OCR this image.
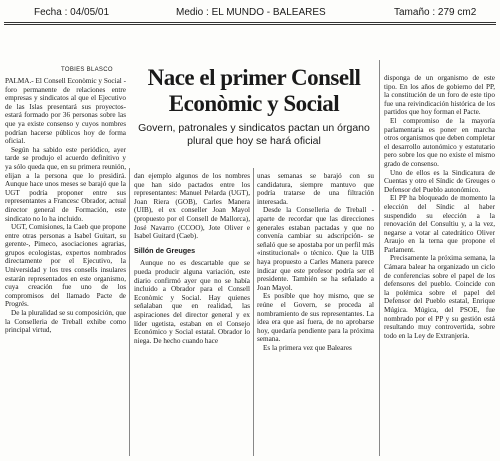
Fecha : 04/05/01	Medio : EL MUNDO - BALEARES	Tamaño : 279 cm2
TOBIES BLASCO	Nace el primer Consell
Econòmic y Social
Govern, patronales y sindicatos pactan un órgano plural que hoy se hará oficial

PALMA.- El Consell Econòmic y Social -foro permanente de relaciones entre empresas y sindicatos al que el Ejecutivo de las Islas presentará sus proyectos- estará formado por 36 personas sobre las que ya existe consenso y cuyos nombres podrían hacerse públicos hoy de forma oficial.

Según ha sabido este periódico, ayer tarde se produjo el acuerdo definitivo y ya sólo queda que, en su primera reunión, elijan a la persona que lo presidirá. Aunque hace unos meses se barajó que la UGT podría proponer entre sus representantes a Francesc Obrador, actual director general de Formación, este sindicato no lo ha incluido.

UGT, Comisiones, la Caeb que propone entre otras personas a Isabel Guitart, su gerente-, Pimeco, asociaciones agrarias, grupos ecologistas, expertos nombrados directamente por el Ejecutivo, la Universidad y los tres consells insulares estarán representados en este organismo, cuya creación fue uno de los compromisos del llamado Pacte de Progrés.

De la pluralidad se su composición, que la Conselleria de Treball exhibe como principal virtud,

dan ejemplo algunos de los nombres que han sido pactados entre los representantes: Manuel Pelarda (UGT), Joan Riera (GOB), Carles Manera (UIB), el ex conseller Joan Mayol (propuesto por el Consell de Mallorca), José Navarro (CCOO), Jote Oliver e Isabel Guitard (Caeb).

Sillón de Greuges

Aunque no es descartable que se pueda producir alguna variación, este diario confirmó ayer que no se había incluido a Obrador para el Consell Econòmic y Social. Hay quienes señalaban que en realidad, las aspiraciones del director general y ex líder ugetista, estaban en el Consejo Económico y Social estatal. Obrador lo niega. De hecho cuando hace

unas semanas se barajó con su candidatura, siempre mantuvo que podría tratarse de una filtración interesada.

Desde la Conselleria de Treball -aparte de recordar que las direcciones generales estaban pactadas y que no convenía cambiar su adscripción- se señaló que se apostaba por un perfil más «institucional» o técnico. Que la UIB haya propuesto a Carles Manera parece indicar que este profesor podría ser el presidente. También se ha señalado a Joan Mayol.

Es posible que hoy mismo, que se reúne el Govern, se proceda al nombramiento de sus representantes. La idea era que así fuera, de no aprobarse hoy, quedaría pendiente para la próxima semana.

Es la primera vez que Baleares

disponga de un organismo de este tipo. En los años de gobierno del PP, la constitución de un foro de este tipo fue una reivindicación histórica de los partidos que hoy forman el Pacte.

El compromiso de la mayoría parlamentaria es poner en marcha otros organismos que deben completar el desarrollo autonómico y estatutario pero sobre los que no existe el mismo grado de consenso.

Uno de ellos es la Sindicatura de Cuentas y otro el Síndic de Greuges o Defensor del Pueblo autonómico.

El PP ha bloqueado de momento la elección del Síndic al haber suspendido su elección a la renovación del Consultiu y, a la vez, negarse a votar al catedrático Oliver Araujo en la terna que propone el Parlament.

Precisamente la próxima semana, la Cámara balear ha organizado un ciclo de conferencias sobre el papel de los defensores del pueblo. Coincide con la polémica sobre el papel del Defensor del Pueblo estatal, Enrique Múgica. Múgica, del PSOE, fue nombrado por el PP y su gestión está resultando muy controvertida, sobre todo en la Ley de Extranjería.
